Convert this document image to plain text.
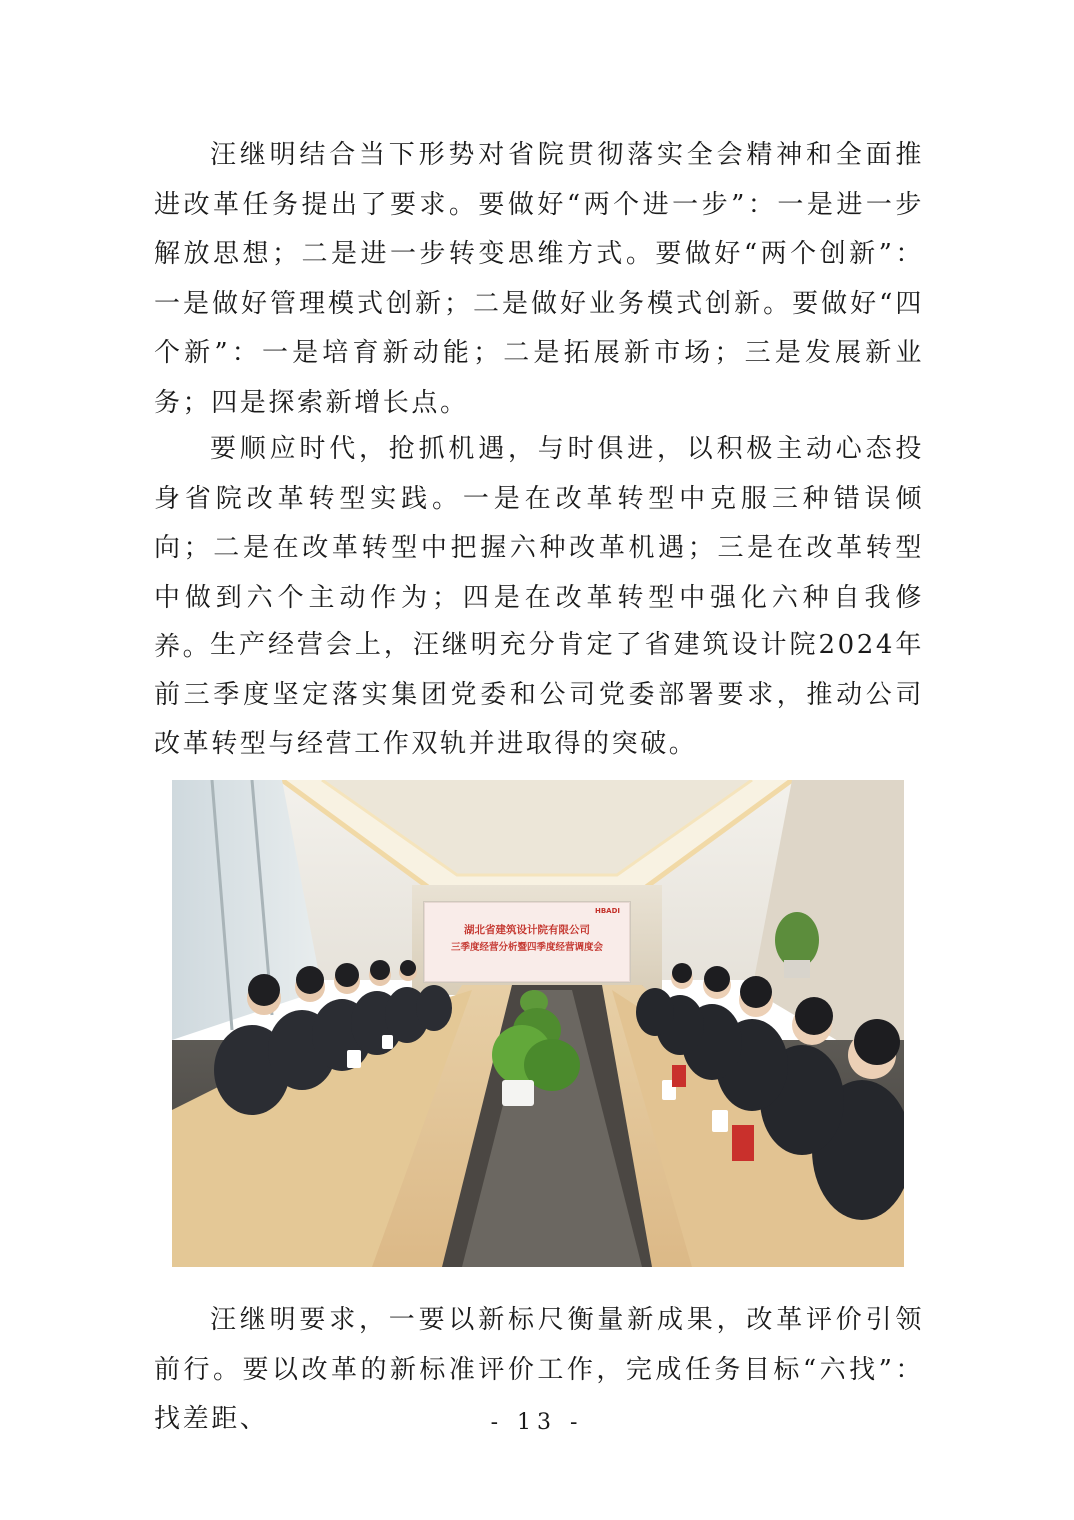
汪继明结合当下形势对省院贯彻落实全会精神和全面推进改革任务提出了要求。要做好“两个进一步”：一是进一步解放思想；二是进一步转变思维方式。要做好“两个创新”：一是做好管理模式创新；二是做好业务模式创新。要做好“四个新”：一是培育新动能；二是拓展新市场；三是发展新业务；四是探索新增长点。

要顺应时代，抢抓机遇，与时俱进，以积极主动心态投身省院改革转型实践。一是在改革转型中克服三种错误倾向；二是在改革转型中把握六种改革机遇；三是在改革转型中做到六个主动作为；四是在改革转型中强化六种自我修养。

生产经营会上，汪继明充分肯定了省建筑设计院2024年前三季度坚定落实集团党委和公司党委部署要求，推动公司改革转型与经营工作双轨并进取得的突破。

湖北省建筑设计院有限公司
三季度经营分析暨四季度经营调度会
HBADI

汪继明要求，一要以新标尺衡量新成果，改革评价引领前行。要以改革的新标准评价工作，完成任务目标“六找”：找差距、	- 13 -
